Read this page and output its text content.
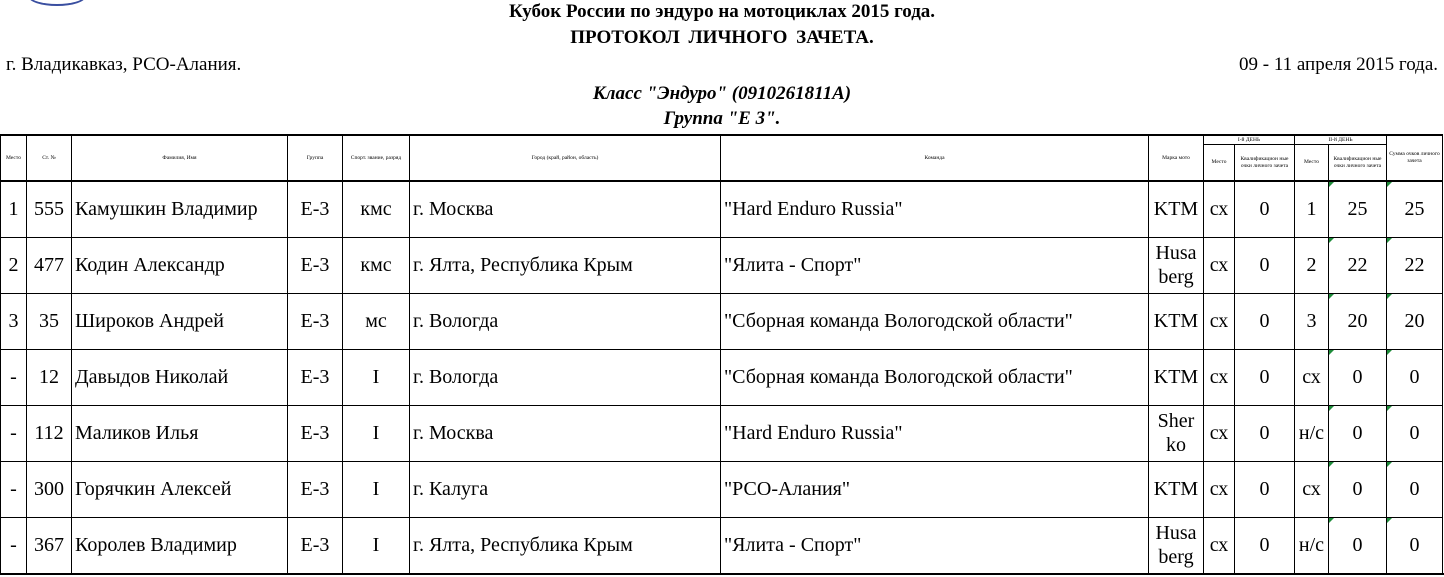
Кубок России по эндуро на мотоциклах 2015 года.
ПРОТОКОЛ ЛИЧНОГО ЗАЧЕТА.
г. Владикавказ, РСО-Алания.	09 - 11 апреля 2015 года.
Класс "Эндуро" (0910261811А)
Группа "Е 3".
Место	Ст. №	Фамилия, Имя	Группа	Спорт. звание, разряд	Город (край, район, область)	Команда	Марка мото	I-й ДЕНЬ		II-й ДЕНЬ		Сумма очков личного зачета
								Место	Квалификацион ные очки личного зачета	Место	Квалификацион ные очки личного зачета	
1	555	Камушкин Владимир	Е-3	кмс	г. Москва	"Hard Enduro Russia"	KTM	сх	0	1	25	25
2	477	Кодин Александр	Е-3	кмс	г. Ялта, Республика Крым	"Ялита - Спорт"	Husa berg	сх	0	2	22	22
3	35	Широков Андрей	Е-3	мс	г. Вологда	"Сборная команда Вологодской области"	KTM	сх	0	3	20	20
-	12	Давыдов Николай	Е-3	I	г. Вологда	"Сборная команда Вологодской области"	KTM	сх	0	сх	0	0
-	112	Маликов Илья	Е-3	I	г. Москва	"Hard Enduro Russia"	Sher ko	сх	0	н/с	0	0
-	300	Горячкин Алексей	Е-3	I	г. Калуга	"РСО-Алания"	KTM	сх	0	сх	0	0
-	367	Королев Владимир	Е-3	I	г. Ялта, Республика Крым	"Ялита - Спорт"	Husa berg	сх	0	н/с	0	0
